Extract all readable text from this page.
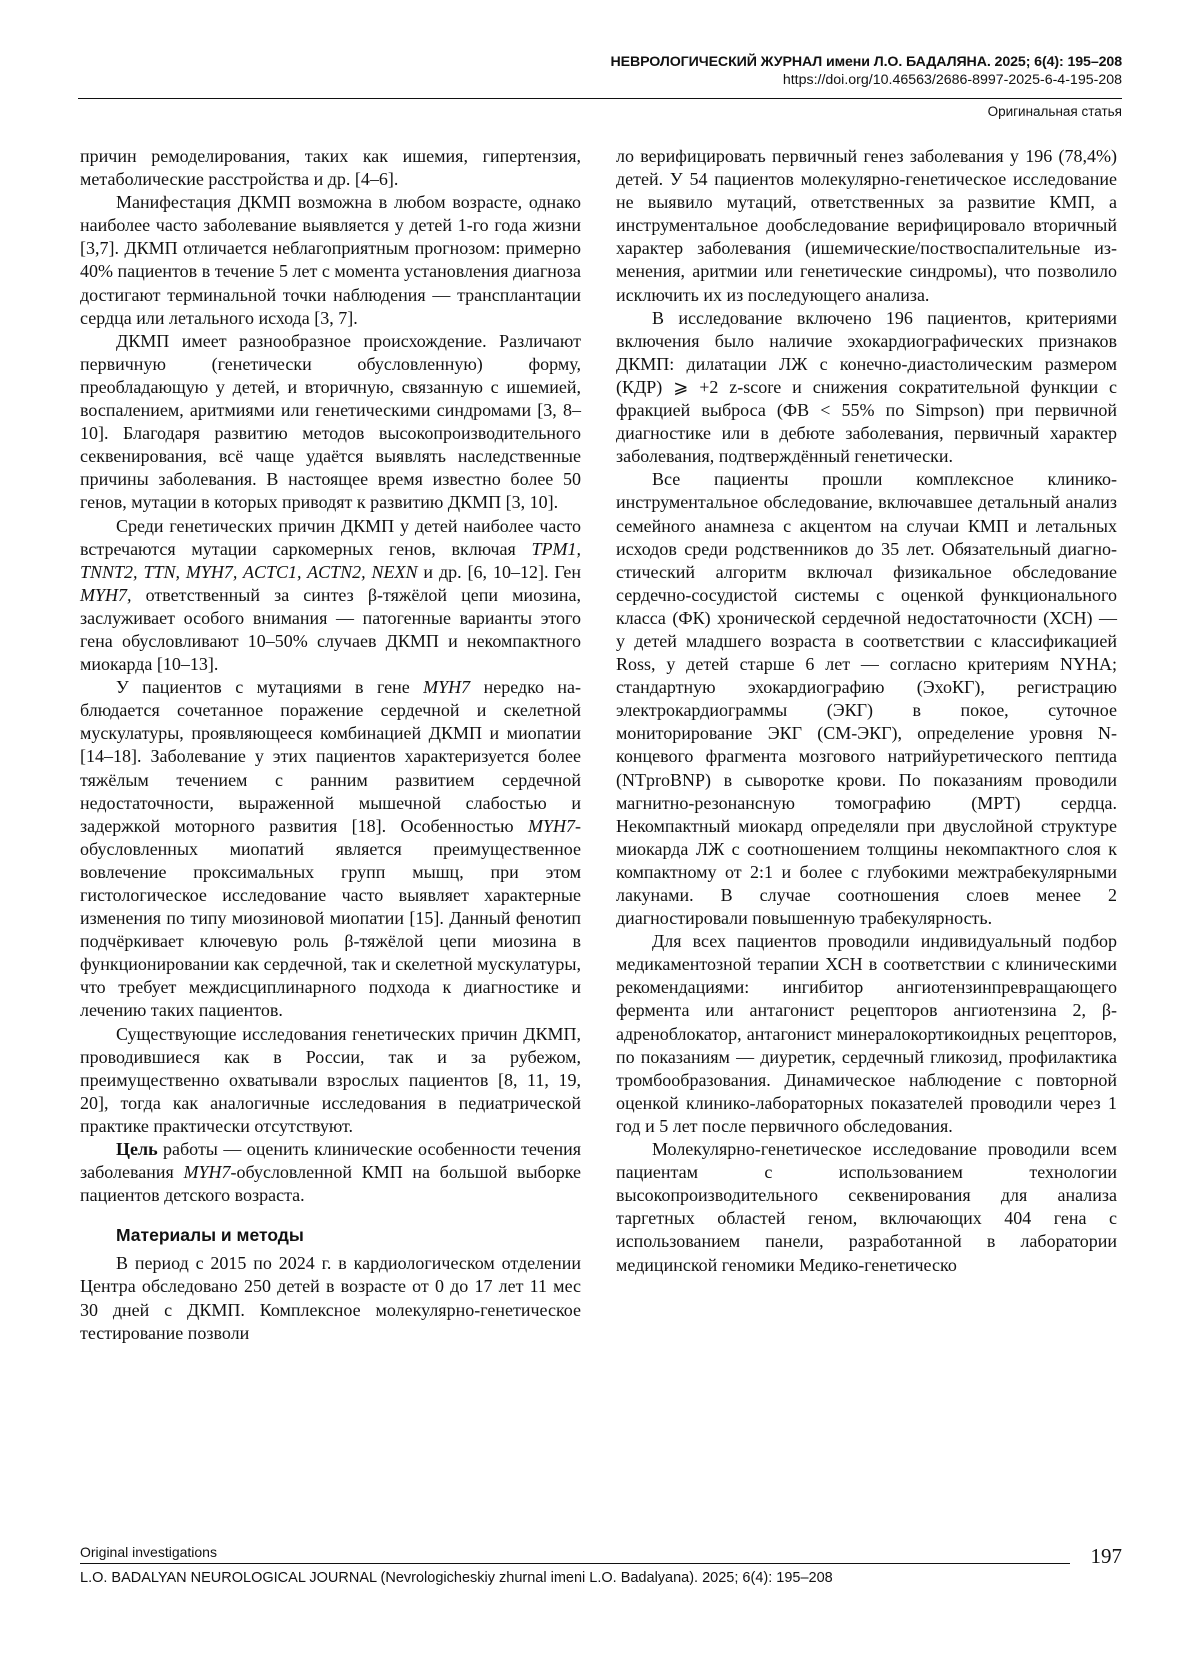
НЕВРОЛОГИЧЕСКИЙ ЖУРНАЛ имени Л.О. БАДАЛЯНА. 2025; 6(4): 195–208
https://doi.org/10.46563/2686-8997-2025-6-4-195-208
Оригинальная статья

причин ремоделирования, таких как ишемия, гипертензия, метаболические расстройства и др. [4–6].

Манифестация ДКМП возможна в любом возрасте, однако наиболее часто заболевание выявляется у детей 1-го года жизни [3,7]. ДКМП отличается неблагоприятным прогнозом: примерно 40% пациентов в течение 5 лет с момента установления диагноза достигают терминальной точки наблюдения — трансплантации сердца или летального исхода [3, 7].

ДКМП имеет разнообразное происхождение. Различают первичную (генетически обусловленную) форму, преобладающую у детей, и вторичную, связанную с ишемией, воспалением, аритмиями или генетическими синдромами [3, 8–10]. Благодаря развитию методов высокопроизводительного секвенирования, всё чаще удаётся выявлять наследственные причины заболевания. В настоящее время известно более 50 генов, мутации в которых приводят к развитию ДКМП [3, 10].

Среди генетических причин ДКМП у детей наиболее часто встречаются мутации саркомерных генов, включая TPM1, TNNT2, TTN, MYH7, ACTC1, ACTN2, NEXN и др. [6, 10–12]. Ген MYH7, ответственный за синтез β-тяжёлой цепи миозина, заслуживает особого внимания — патогенные варианты этого гена обусловливают 10–50% случаев ДКМП и некомпактного миокарда [10–13].

У пациентов с мутациями в гене MYH7 нередко наблюдается сочетанное поражение сердечной и скелетной мускулатуры, проявляющееся комбинацией ДКМП и миопатии [14–18]. Заболевание у этих пациентов характеризуется более тяжёлым течением с ранним развитием сердечной недостаточности, выраженной мышечной слабостью и задержкой моторного развития [18]. Особенностью MYH7-обусловленных миопатий является преимущественное вовлечение проксимальных групп мышц, при этом гистологическое исследование часто выявляет характерные изменения по типу миозиновой миопатии [15]. Данный фенотип подчёркивает ключевую роль β-тяжёлой цепи миозина в функционировании как сердечной, так и скелетной мускулатуры, что требует междисциплинарного подхода к диагностике и лечению таких пациентов.

Существующие исследования генетических причин ДКМП, проводившиеся как в России, так и за рубежом, преимущественно охватывали взрослых пациентов [8, 11, 19, 20], тогда как аналогичные исследования в педиатрической практике практически отсутствуют.

Цель работы — оценить клинические особенности течения заболевания MYH7-обусловленной КМП на большой выборке пациентов детского возраста.

Материалы и методы

В период с 2015 по 2024 г. в кардиологическом отделении Центра обследовано 250 детей в возрасте от 0 до 17 лет 11 мес 30 дней с ДКМП. Комплексное молекулярно-генетическое тестирование позволи

ло верифицировать первичный генез заболевания у 196 (78,4%) детей. У 54 пациентов молекулярно-генетическое исследование не выявило мутаций, ответственных за развитие КМП, а инструментальное дообследование верифицировало вторичный характер заболевания (ишемические/поствоспалительные изменения, аритмии или генетические синдромы), что позволило исключить их из последующего анализа.

В исследование включено 196 пациентов, критериями включения было наличие эхокардиографических признаков ДКМП: дилатации ЛЖ с конечно-диастолическим размером (КДР) ⩾ +2 z-score и снижения сократительной функции с фракцией выброса (ФВ < 55% по Simpson) при первичной диагностике или в дебюте заболевания, первичный характер заболевания, подтверждённый генетически.

Все пациенты прошли комплексное клинико-инструментальное обследование, включавшее детальный анализ семейного анамнеза с акцентом на случаи КМП и летальных исходов среди родственников до 35 лет. Обязательный диагностический алгоритм включал физикальное обследование сердечно-сосудистой системы с оценкой функционального класса (ФК) хронической сердечной недостаточности (ХСН) — у детей младшего возраста в соответствии с классификацией Ross, у детей старше 6 лет — согласно критериям NYHA; стандартную эхокардиографию (ЭхоКГ), регистрацию электрокардиограммы (ЭКГ) в покое, суточное мониторирование ЭКГ (СМ-ЭКГ), определение уровня N-концевого фрагмента мозгового натрийуретического пептида (NTproBNP) в сыворотке крови. По показаниям проводили магнитно-резонансную томографию (МРТ) сердца. Некомпактный миокард определяли при двуслойной структуре миокарда ЛЖ с соотношением толщины некомпактного слоя к компактному от 2:1 и более с глубокими межтрабекулярными лакунами. В случае соотношения слоев менее 2 диагностировали повышенную трабекулярность.

Для всех пациентов проводили индивидуальный подбор медикаментозной терапии ХСН в соответствии с клиническими рекомендациями: ингибитор ангиотензинпревращающего фермента или антагонист рецепторов ангиотензина 2, β-адреноблокатор, антагонист минералокортикоидных рецепторов, по показаниям — диуретик, сердечный гликозид, профилактика тромбообразования. Динамическое наблюдение с повторной оценкой клинико-лабораторных показателей проводили через 1 год и 5 лет после первичного обследования.

Молекулярно-генетическое исследование проводили всем пациентам с использованием технологии высокопроизводительного секвенирования для анализа таргетных областей геном, включающих 404 гена с использованием панели, разработанной в лаборатории медицинской геномики Медико-генетическо

Original investigations	197
L.O. BADALYAN NEUROLOGICAL JOURNAL (Nevrologicheskiy zhurnal imeni L.O. Badalyana). 2025; 6(4): 195–208
